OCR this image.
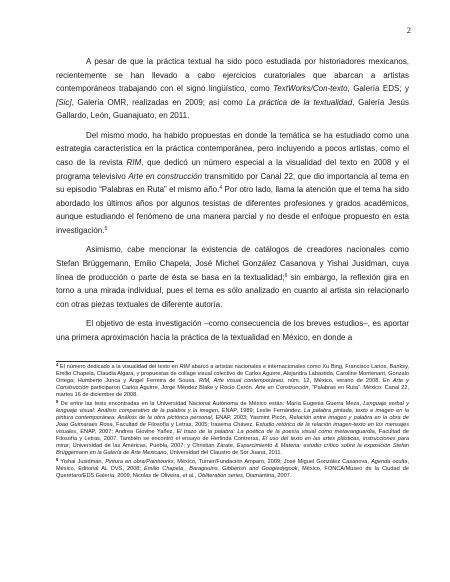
2

A pesar de que la práctica textual ha sido poco estudiada por historiadores mexicanos, recientemente se han llevado a cabo ejercicios curatoriales que abarcan a artistas contemporáneos trabajando con el signo lingüístico, como TextWorks/Con-texto, Galería EDS; y [Sic], Galería OMR, realizadas en 2009; así como La práctica de la textualidad, Galería Jesús Gallardo, León, Guanajuato, en 2011.

Del mismo modo, ha habido propuestas en donde la temática se ha estudiado como una estrategia característica en la práctica contemporánea, pero incluyendo a pocos artistas, como el caso de la revista RIM, que dedicó un número especial a la visualidad del texto en 2008 y el programa televisivo Arte en construcción transmitido por Canal 22, que dio importancia al tema en su episodio “Palabras en Ruta” el mismo año.$^4$ Por otro lado, llama la atención que el tema ha sido abordado los últimos años por algunos tesistas de diferentes profesiones y grados académicos, aunque estudiando el fenómeno de una manera parcial y no desde el enfoque propuesto en esta investigación.$^5$

Asimismo, cabe mencionar la existencia de catálogos de creadores nacionales como Stefan Brüggemann, Emilio Chapela, José Michel González Casanova y Yishai Jusidman, cuya línea de producción o parte de ésta se basa en la textualidad;$^6$ sin embargo, la reflexión gira en torno a una mirada individual, pues el tema es sólo analizado en cuanto al artista sin relacionarlo con otras piezas textuales de diferente autoría.

El objetivo de esta investigación –como consecuencia de los breves estudios–, es aportar una primera aproximación hacia la práctica de la textualidad en México, en donde a

$^4$ El número dedicado a la visualidad del texto en RIM abarcó a artistas nacionales e internacionales como Xu Bing, Francisco Larios, Banksy, Emilio Chapela, Claudia Algara, y propuestas de collage visual colectivo de Carlos Aguirre, Alejandra Labastida, Caroline Montenant, Gonzalo Ortega; Humberto Junca y Ángel Ferreira de Sousa. RIM, Arte visual contemporáneo, núm. 12, México, verano de 2008. En Arte y Construcción participaron Carlos Aguirre, Jorge Méndez Blake y Rocío Cerón. Arte en Construcción, “Palabras en Ruta”. México: Canal 22, martes 16 de diciembre de 2008.

$^5$ De entre las tesis encontradas en la Universidad Nacional Autónoma de México están: María Eugenia Guerra Meza, Lenguaje verbal y lenguaje visual: Análisis comparativo de la palabra y la imagen, ENAP, 1989; Leslie Fernández, La palabra pintada, texto e imagen en la pintura contemporánea: Análisis de la obra pictórica personal, ENAP, 2003; Yasmint Picón, Relación entre imagen y palabra en la obra de Joao Guimaraes Rosa, Facultad de Filosofía y Letras, 2005; Irasema Chávez, Estudio retórico de la relación imagen-texto en los mensajes visuales, ENAP, 2007; Andrea Giovine Yañez, El trazo de la palabra: La poética de la poesía visual como metavanguardia, Facultad de Filosofía y Letras, 2007. También se encontró el ensayo de Herlinda Contreras, El uso del texto en las artes plásticas, instrucciones para mirar, Universidad de las Américas, Puebla, 2007; y Christian Zárate, Esparcimiento & Materia: estudio crítico sobre la exposición Stefan Brüggemann en la Galería de Arte Mexicano, Universidad del Claustro de Sor Juana, 2011.

$^6$ Yishai Jusidman, Pintura en obra/Paintworks, México, Turner/Fundación Amparo, 2009; José Miguel González Casanova, Agenda oculta, México, Editorial AL DVS, 2008; Emilio Chapela_ Baragouins, Gibberish and Googledygook, México, FONCA/Museo de la Ciudad de Querétaro/EDS Galería, 2009; Nicolas de Oliveira, et al., Obliteration series, Diamantina, 2007.
